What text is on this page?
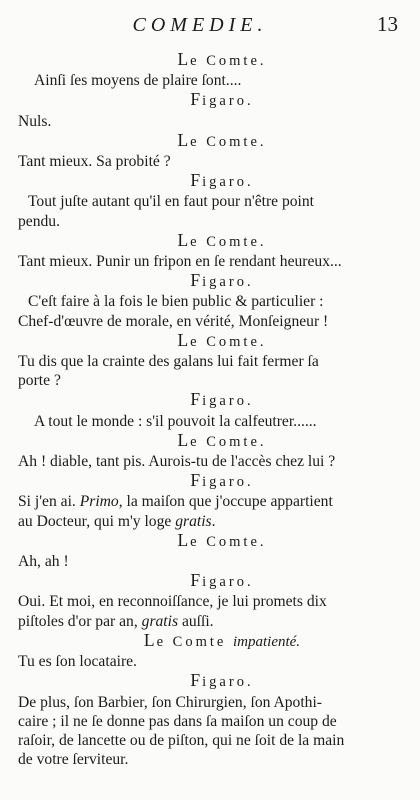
COMEDIE.	13
Le Comte.
Ainſi ſes moyens de plaire ſont....
Figaro.
Nuls.
Le Comte.
Tant mieux. Sa probité ?
Figaro.
Tout juſte autant qu'il en faut pour n'être point
pendu.
Le Comte.
Tant mieux. Punir un fripon en ſe rendant heureux...
Figaro.
C'eſt faire à la fois le bien public & particulier :
Chef-d'œuvre de morale, en vérité, Monſeigneur !
Le Comte.
Tu dis que la crainte des galans lui fait fermer ſa
porte ?
Figaro.
A tout le monde : s'il pouvoit la calfeutrer......
Le Comte.
Ah ! diable, tant pis. Aurois-tu de l'accès chez lui ?
Figaro.
Si j'en ai. Primo, la maiſon que j'occupe appartient
au Docteur, qui m'y loge gratis.
Le Comte.
Ah, ah !
Figaro.
Oui. Et moi, en reconnoiſſance, je lui promets dix
piſtoles d'or par an, gratis auſſi.
Le Comte impatienté.
Tu es ſon locataire.
Figaro.
De plus, ſon Barbier, ſon Chirurgien, ſon Apothi-
caire ; il ne ſe donne pas dans ſa maiſon un coup de
raſoir, de lancette ou de piſton, qui ne ſoit de la main
de votre ſerviteur.
